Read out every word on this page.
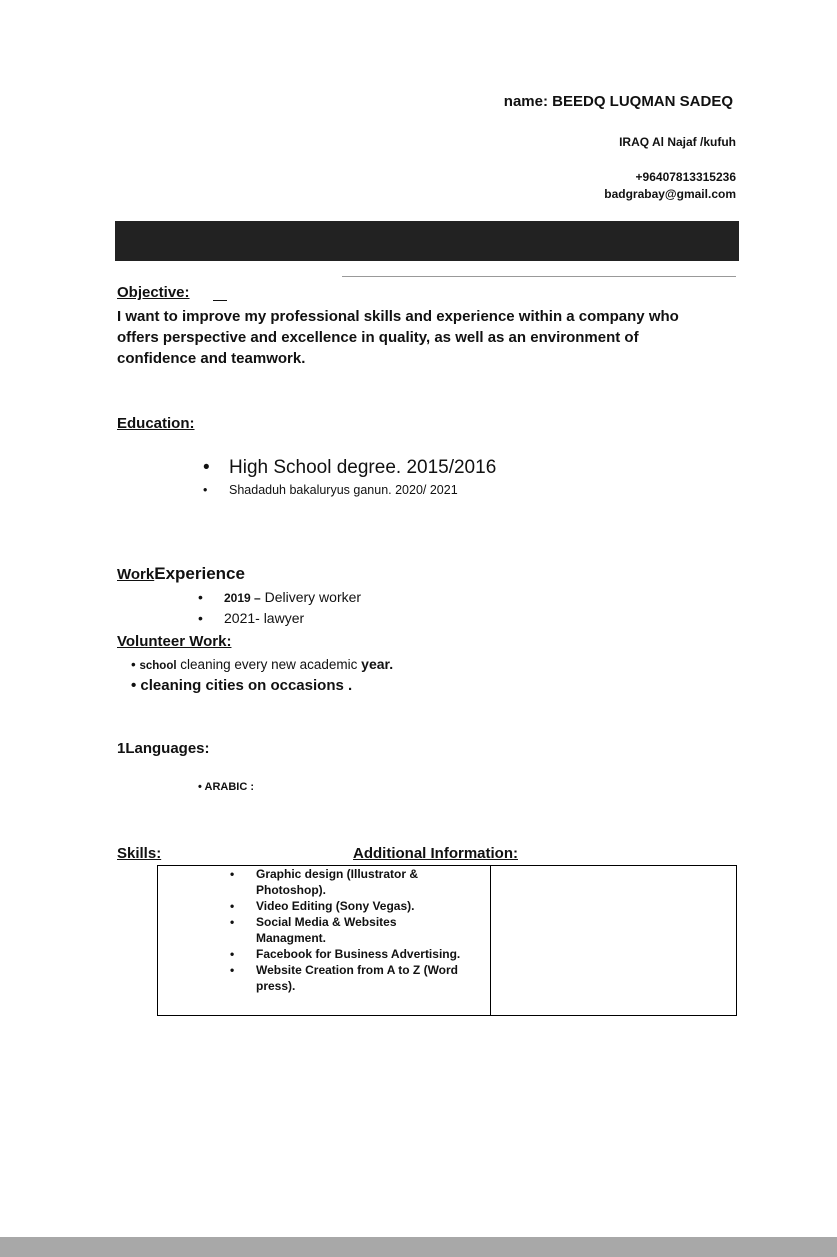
name: BEEDQ LUQMAN SADEQ
IRAQ Al Najaf /kufuh
+96407813315236
badgrabay@gmail.com
Objective:
I want to improve my professional skills and experience within a company who offers perspective and excellence in quality, as well as an environment of confidence and teamwork.
Education:
• High School degree. 2015/2016
• Shadaduh bakaluryus ganun. 2020/ 2021
WorkExperience
• 2019 – Delivery worker
• 2021- lawyer
Volunteer Work:
• school cleaning every new academic year.
• cleaning cities on occasions .
1Languages:
• ARABIC :
Skills:	Additional Information:
• Graphic design (Illustrator & Photoshop).
• Video Editing (Sony Vegas).
• Social Media & Websites Managment.
• Facebook for Business Advertising.
• Website Creation from A to Z (Word press).
